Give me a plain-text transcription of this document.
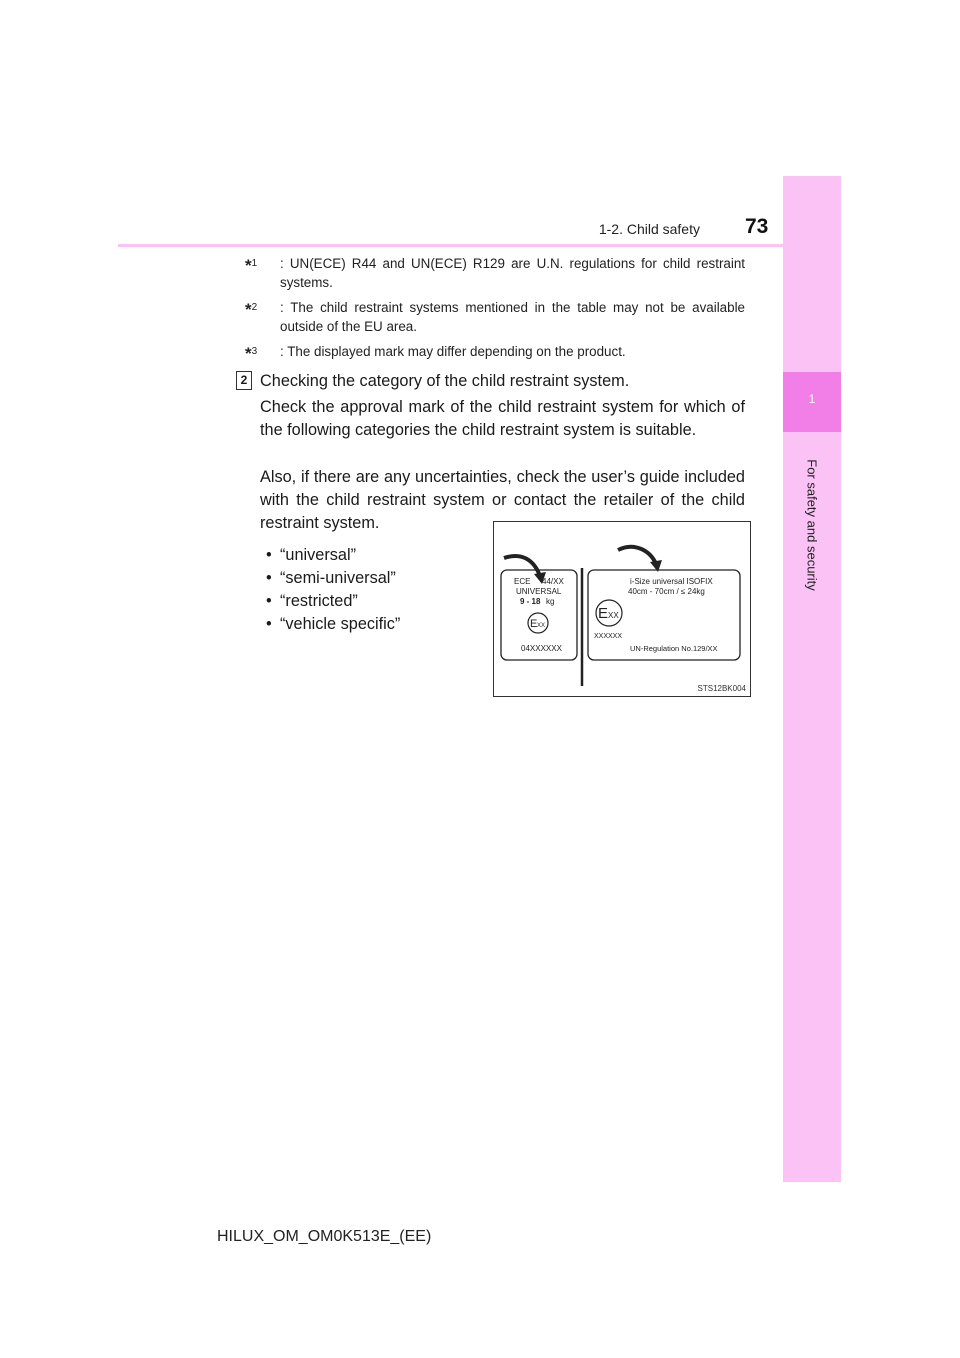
1
For safety and security
1-2. Child safety 73
*$^1$	: UN(ECE) R44 and UN(ECE) R129 are U.N. regulations for child restraint systems.
*$^2$	: The child restraint systems mentioned in the table may not be available outside of the EU area.
*$^3$	: The displayed mark may differ depending on the product.
2 Checking the category of the child restraint system.
Check the approval mark of the child restraint system for which of the following categories the child restraint system is suitable.
Also, if there are any uncertainties, check the user’s guide included with the child restraint system or contact the retailer of the child restraint system.
• “universal”
• “semi-universal”
• “restricted”
• “vehicle specific”
ECE 44/XX
UNIVERSAL
9 - 18 kg
E XX
04XXXXXX
i-Size universal ISOFIX
40cm - 70cm / ≤ 24kg
E XX
XXXXXX
UN-Regulation No.129/XX
STS12BK004
HILUX_OM_OM0K513E_(EE)
